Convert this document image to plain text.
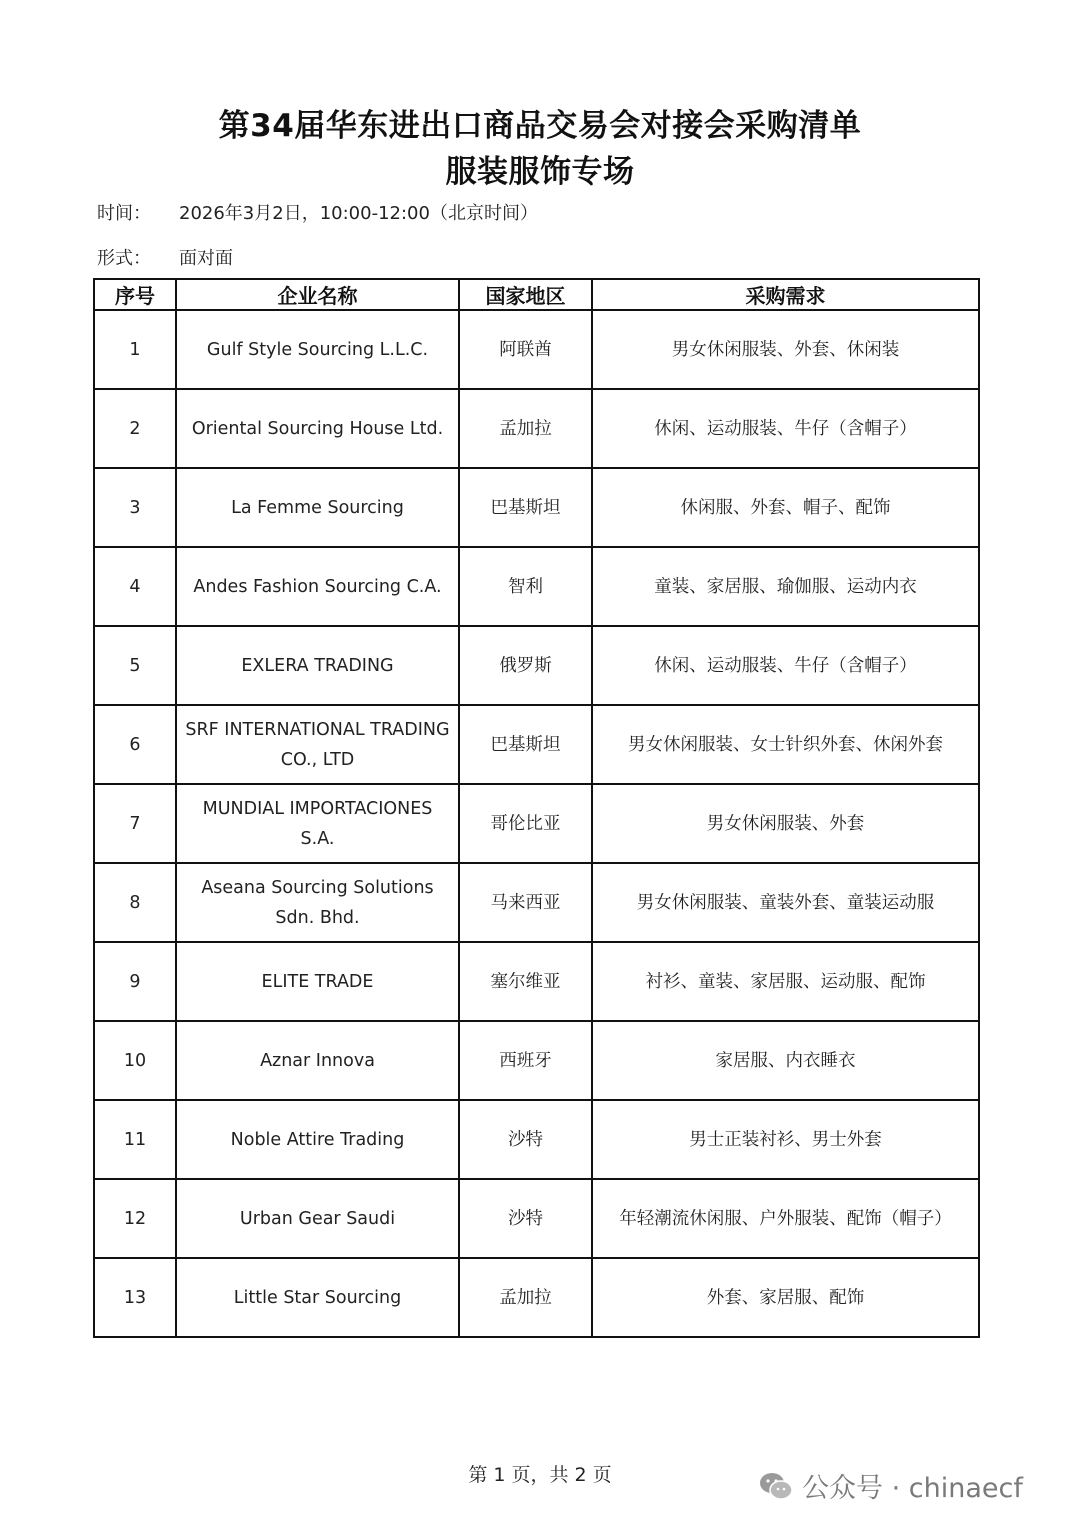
第34届华东进出口商品交易会对接会采购清单
服装服饰专场
时间： 2026年3月2日，10:00-12:00（北京时间）
形式： 面对面
序号	企业名称	国家地区	采购需求
1	Gulf Style Sourcing L.L.C.	阿联酋	男女休闲服装、外套、休闲装
2	Oriental Sourcing House Ltd.	孟加拉	休闲、运动服装、牛仔（含帽子）
3	La Femme Sourcing	巴基斯坦	休闲服、外套、帽子、配饰
4	Andes Fashion Sourcing C.A.	智利	童装、家居服、瑜伽服、运动内衣
5	EXLERA TRADING	俄罗斯	休闲、运动服装、牛仔（含帽子）
6	SRF INTERNATIONAL TRADING CO., LTD	巴基斯坦	男女休闲服装、女士针织外套、休闲外套
7	MUNDIAL IMPORTACIONES S.A.	哥伦比亚	男女休闲服装、外套
8	Aseana Sourcing Solutions Sdn. Bhd.	马来西亚	男女休闲服装、童装外套、童装运动服
9	ELITE TRADE	塞尔维亚	衬衫、童装、家居服、运动服、配饰
10	Aznar Innova	西班牙	家居服、内衣睡衣
11	Noble Attire Trading	沙特	男士正装衬衫、男士外套
12	Urban Gear Saudi	沙特	年轻潮流休闲服、户外服装、配饰（帽子）
13	Little Star Sourcing	孟加拉	外套、家居服、配饰
第 1 页，共 2 页	公众号 · chinaecf
